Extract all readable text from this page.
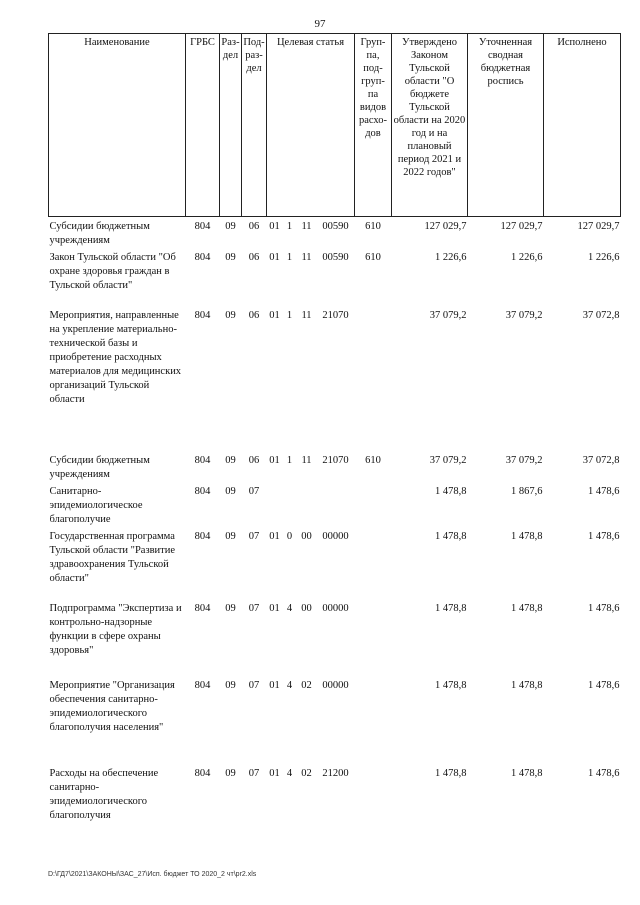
97
Наименование	ГРБС	Раз-дел	Под-раз-дел	Целевая статья				Груп-па, под-груп-па видов расхо-дов	Утверждено Законом Тульской области "О бюджете Тульской области на 2020 год и на плановый период 2021 и 2022 годов"	Уточненная сводная бюджетная роспись	Исполнено
Субсидии бюджетным учреждениям	804	09	06	01	1	11	00590	610	127 029,7	127 029,7	127 029,7
Закон Тульской области "Об охране здоровья граждан в Тульской области"	804	09	06	01	1	11	00590	610	1 226,6	1 226,6	1 226,6
Мероприятия, направленные на укрепление материально-технической базы и приобретение расходных материалов для медицинских организаций Тульской области	804	09	06	01	1	11	21070		37 079,2	37 079,2	37 072,8
Субсидии бюджетным учреждениям	804	09	06	01	1	11	21070	610	37 079,2	37 079,2	37 072,8
Санитарно-эпидемиологическое благополучие	804	09	07						1 478,8	1 867,6	1 478,6
Государственная программа Тульской области "Развитие здравоохранения Тульской области"	804	09	07	01	0	00	00000		1 478,8	1 478,8	1 478,6
Подпрограмма "Экспертиза и контрольно-надзорные функции в сфере охраны здоровья"	804	09	07	01	4	00	00000		1 478,8	1 478,8	1 478,6
Мероприятие "Организация обеспечения санитарно-эпидемиологического благополучия населения"	804	09	07	01	4	02	00000		1 478,8	1 478,8	1 478,6
Расходы на обеспечение санитарно-эпидемиологического благополучия	804	09	07	01	4	02	21200		1 478,8	1 478,8	1 478,6
D:\ГД7\2021\ЗАКОНЫ\ЗАС_27\Исп. бюджет ТО 2020_2 чт\pr2.xls
